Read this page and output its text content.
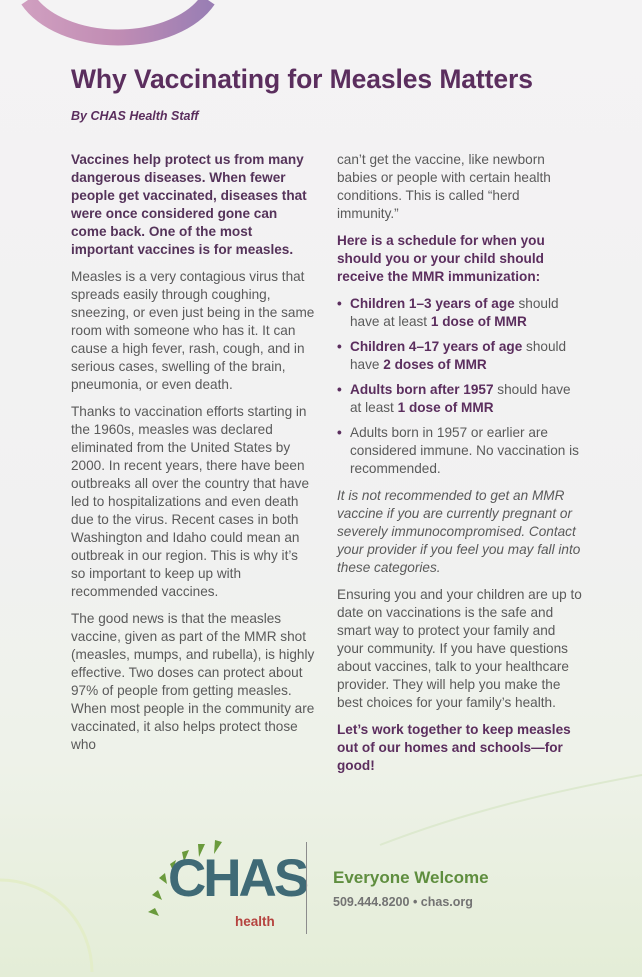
Why Vaccinating for Measles Matters
By CHAS Health Staff

Vaccines help protect us from many dangerous diseases. When fewer people get vaccinated, diseases that were once considered gone can come back. One of the most important vaccines is for measles.

Measles is a very contagious virus that spreads easily through coughing, sneezing, or even just being in the same room with someone who has it. It can cause a high fever, rash, cough, and in serious cases, swelling of the brain, pneumonia, or even death.

Thanks to vaccination efforts starting in the 1960s, measles was declared eliminated from the United States by 2000. In recent years, there have been outbreaks all over the country that have led to hospitalizations and even death due to the virus. Recent cases in both Washington and Idaho could mean an outbreak in our region. This is why it’s so important to keep up with recommended vaccines.

The good news is that the measles vaccine, given as part of the MMR shot (measles, mumps, and rubella), is highly effective. Two doses can protect about 97% of people from getting measles. When most people in the community are vaccinated, it also helps protect those who

can’t get the vaccine, like newborn babies or people with certain health conditions. This is called “herd immunity.”

Here is a schedule for when you should you or your child should receive the MMR immunization:

• Children 1–3 years of age should have at least 1 dose of MMR
• Children 4–17 years of age should have 2 doses of MMR
• Adults born after 1957 should have at least 1 dose of MMR
• Adults born in 1957 or earlier are considered immune. No vaccination is recommended.

It is not recommended to get an MMR vaccine if you are currently pregnant or severely immunocompromised. Contact your provider if you feel you may fall into these categories.

Ensuring you and your children are up to date on vaccinations is the safe and smart way to protect your family and your community. If you have questions about vaccines, talk to your healthcare provider. They will help you make the best choices for your family’s health.

Let’s work together to keep measles out of our homes and schools—for good!

CHAS
health
Everyone Welcome
509.444.8200 • chas.org
